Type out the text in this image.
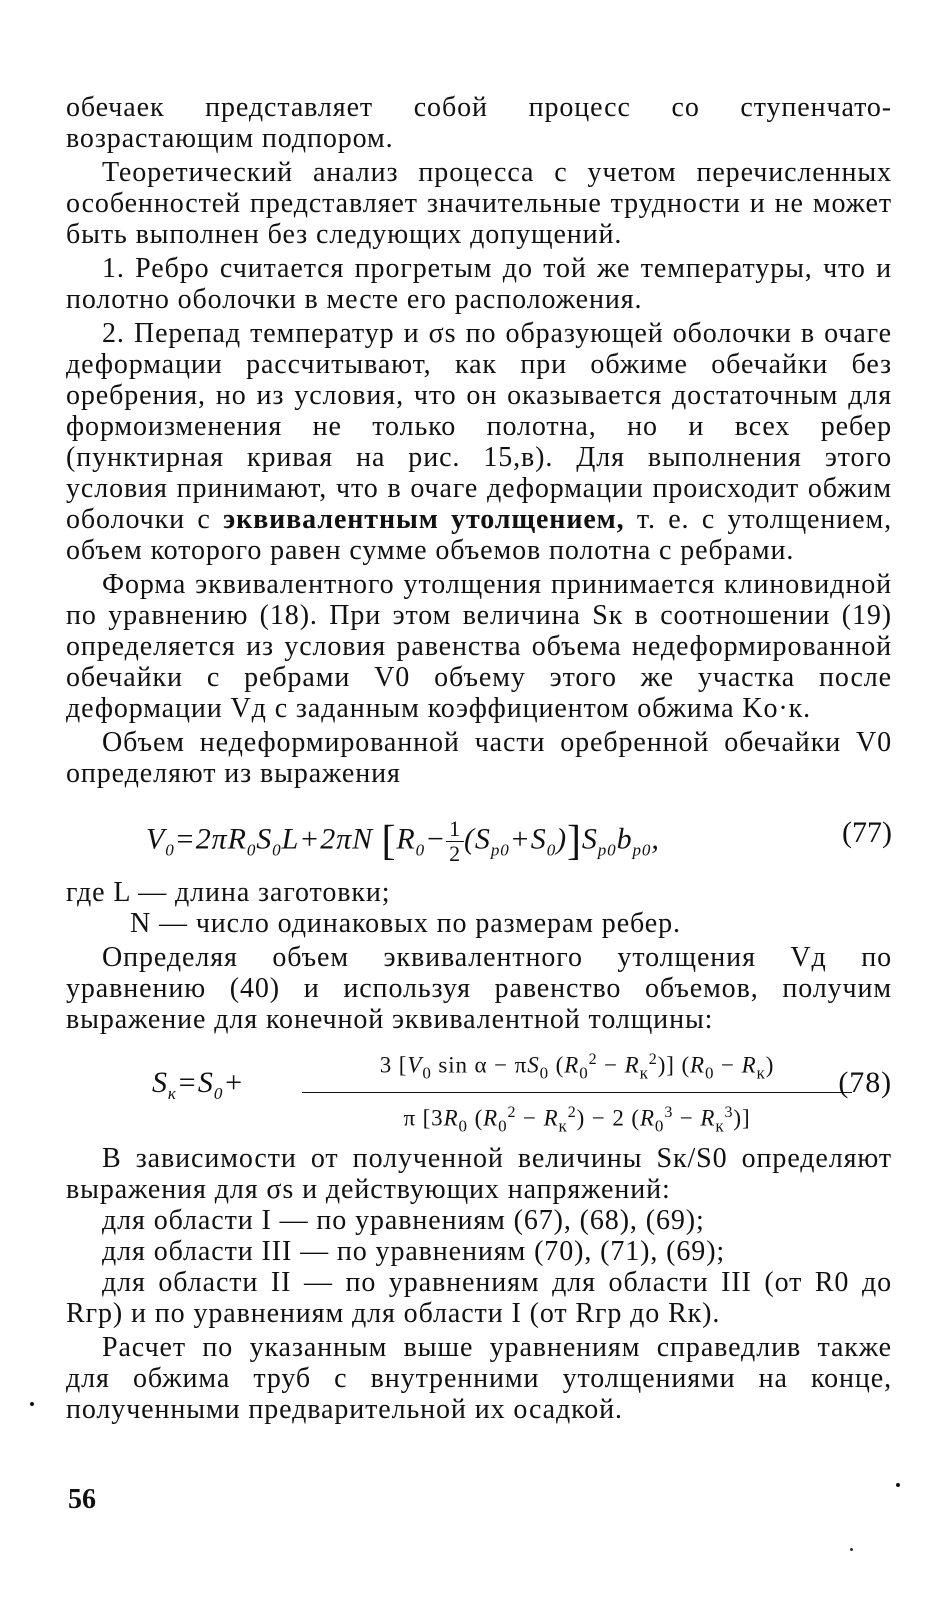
обечаек представляет собой процесс со ступенчато-возрастающим подпором.

Теоретический анализ процесса с учетом перечисленных особенностей представляет значительные трудности и не может быть выполнен без следующих допущений.

1. Ребро считается прогретым до той же температуры, что и полотно оболочки в месте его расположения.

2. Перепад температур и σs по образующей оболочки в очаге деформации рассчитывают, как при обжиме обечайки без оребрения, но из условия, что он оказывается достаточным для формоизменения не только полотна, но и всех ребер (пунктирная кривая на рис. 15,в). Для выполнения этого условия принимают, что в очаге деформации происходит обжим оболочки с эквивалентным утолщением, т. е. с утолщением, объем которого равен сумме объемов полотна с ребрами.

Форма эквивалентного утолщения принимается клиновидной по уравнению (18). При этом величина Sк в соотношении (19) определяется из условия равенства объема недеформированной обечайки с ребрами V0 объему этого же участка после деформации Vд с заданным коэффициентом обжима Kо·к.

Объем недеформированной части оребренной обечайки V0 определяют из выражения

$V_0=2\pi R_0S_0L+2\pi N$ $[R_0- \frac{1}{2} (S_{р0}+S_0)]S_{р0}b_{р0}$,	(77)

где L — длина заготовки;

N — число одинаковых по размерам ребер.

Определяя объем эквивалентного утолщения Vд по уравнению (40) и используя равенство объемов, получим выражение для конечной эквивалентной толщины:

$S_к=S_0+$
3 [$V_0$ $\sin \alpha - \pi S_0$ $(R_0^2 - R_к^2)$] $(R_0 - R_к)$
π [$3R_0$ $(R_0^2 - R_к^2) - 2$ $(R_0^3 - R_к^3)$]
(78)

В зависимости от полученной величины Sк/S0 определяют выражения для σs и действующих напряжений:

для области I — по уравнениям (67), (68), (69);

для области III — по уравнениям (70), (71), (69);

для области II — по уравнениям для области III (от R0 до Rгр) и по уравнениям для области I (от Rгр до Rк).

Расчет по указанным выше уравнениям справедлив также для обжима труб с внутренними утолщениями на конце, полученными предварительной их осадкой.

56
